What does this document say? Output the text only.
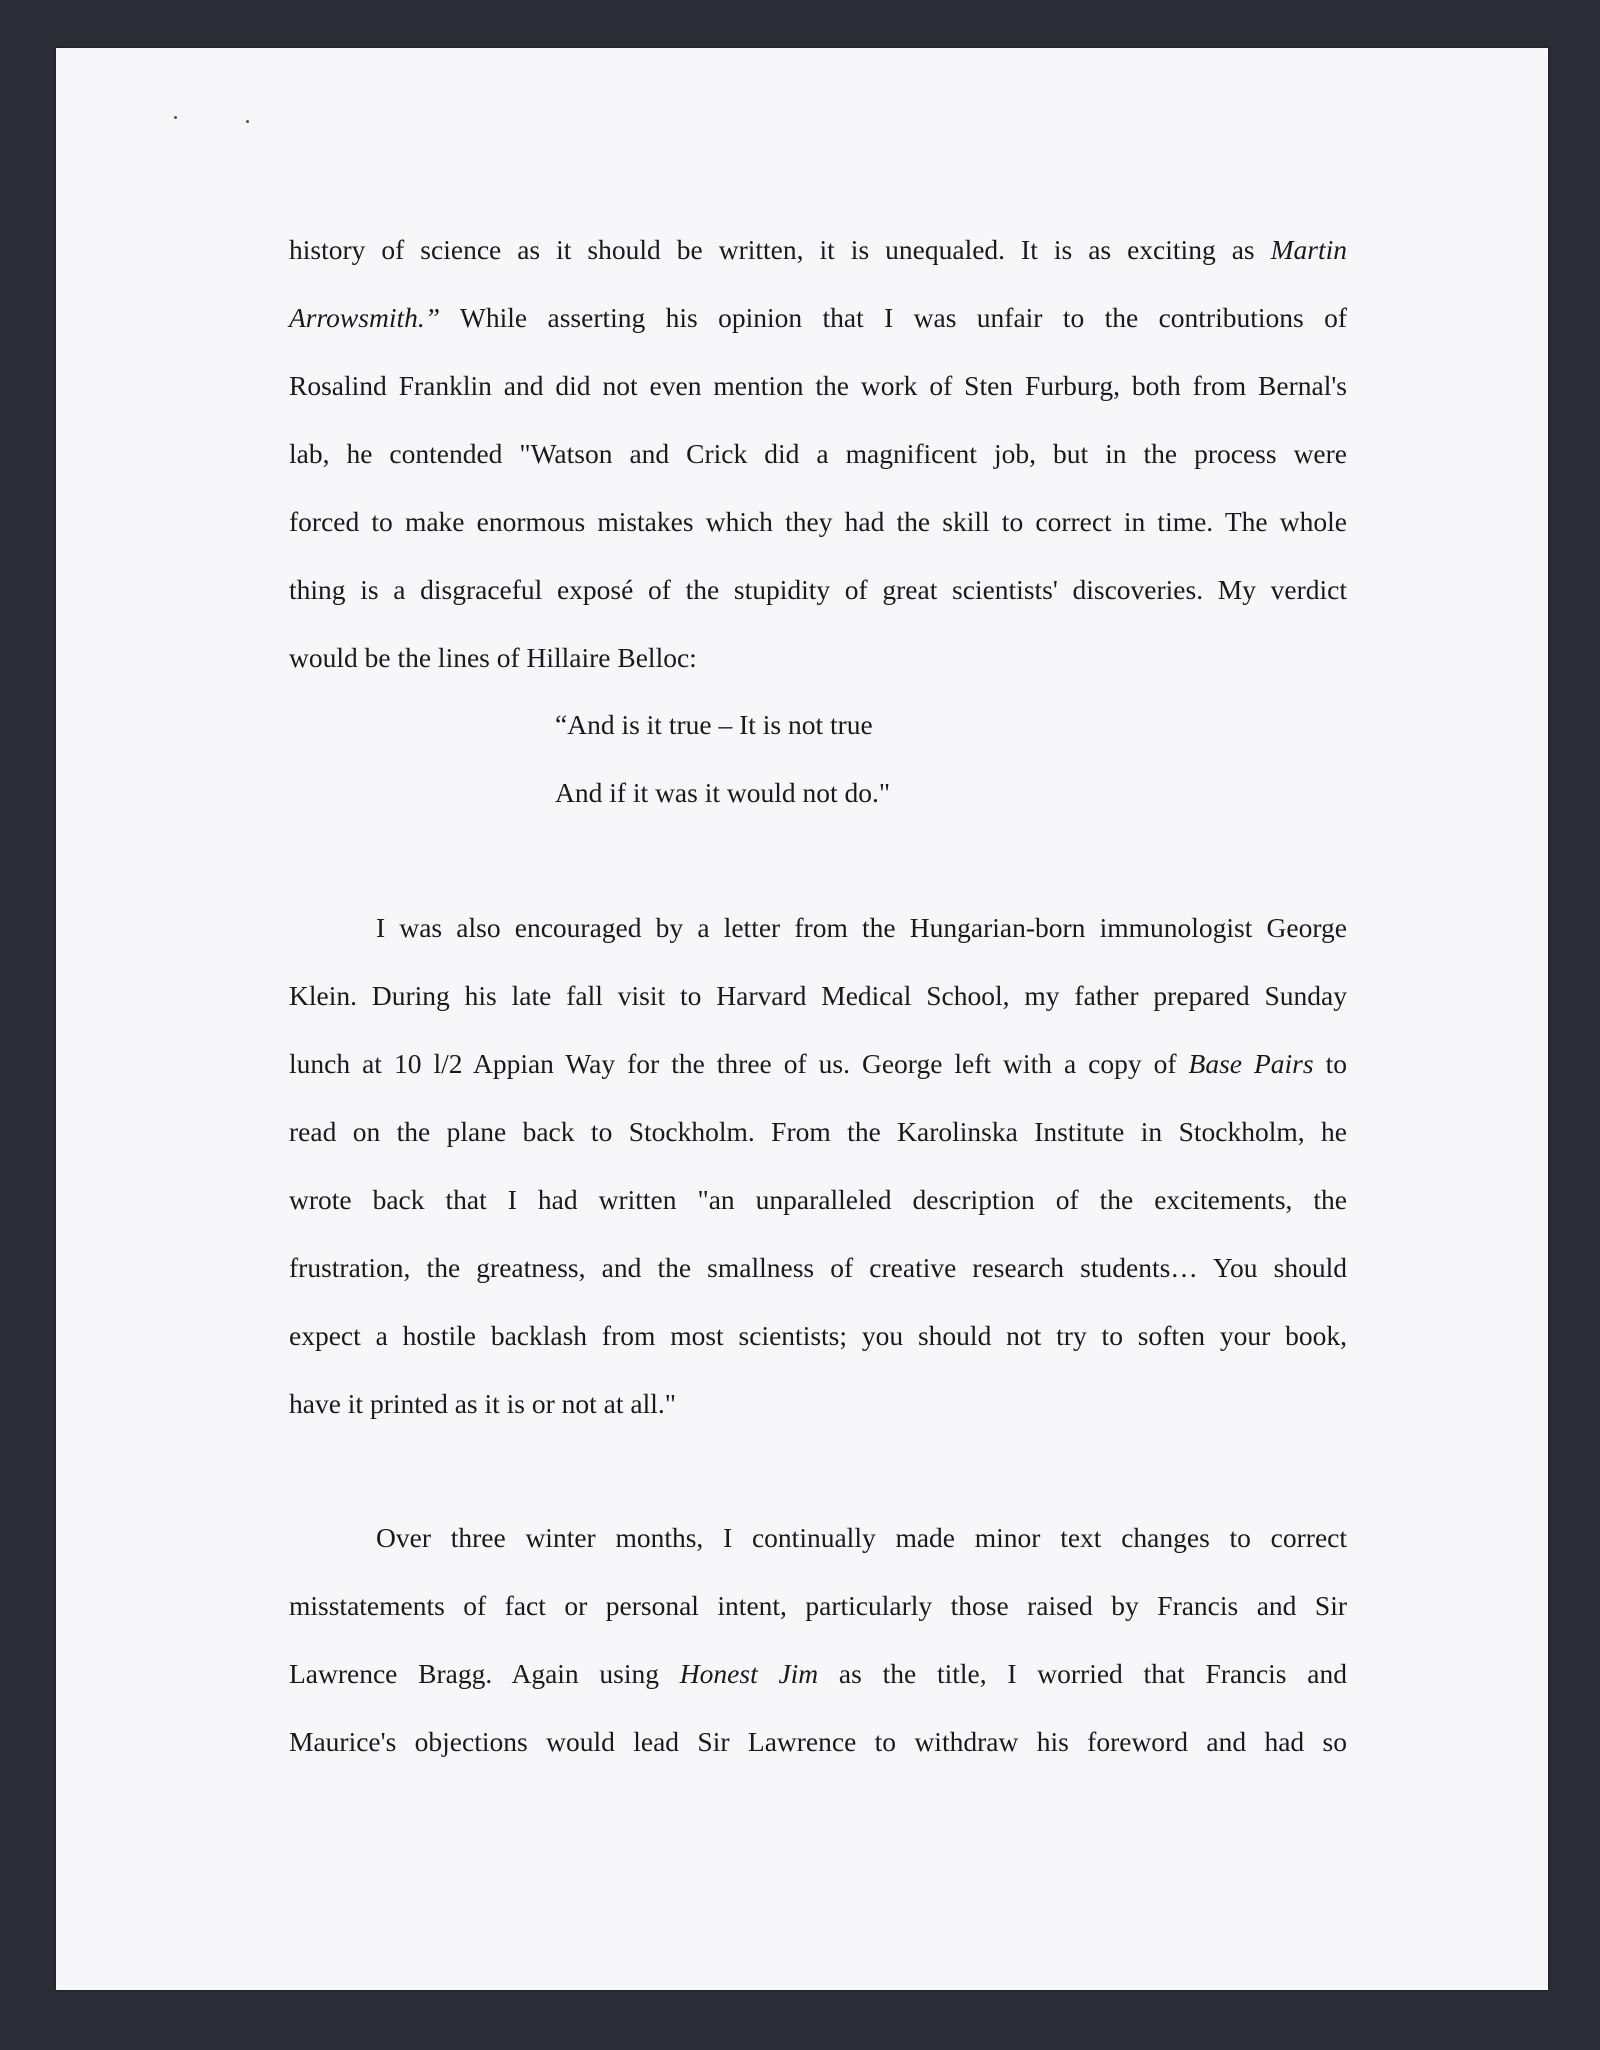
history of science as it should be written, it is unequaled. It is as exciting as Martin
Arrowsmith.” While asserting his opinion that I was unfair to the contributions of
Rosalind Franklin and did not even mention the work of Sten Furburg, both from Bernal's
lab, he contended "Watson and Crick did a magnificent job, but in the process were
forced to make enormous mistakes which they had the skill to correct in time. The whole
thing is a disgraceful exposé of the stupidity of great scientists' discoveries. My verdict
would be the lines of Hillaire Belloc:
“And is it true – It is not true
And if it was it would not do."
I was also encouraged by a letter from the Hungarian-born immunologist George
Klein. During his late fall visit to Harvard Medical School, my father prepared Sunday
lunch at 10 l/2 Appian Way for the three of us. George left with a copy of Base Pairs to
read on the plane back to Stockholm. From the Karolinska Institute in Stockholm, he
wrote back that I had written "an unparalleled description of the excitements, the
frustration, the greatness, and the smallness of creative research students… You should
expect a hostile backlash from most scientists; you should not try to soften your book,
have it printed as it is or not at all."
Over three winter months, I continually made minor text changes to correct
misstatements of fact or personal intent, particularly those raised by Francis and Sir
Lawrence Bragg. Again using Honest Jim as the title, I worried that Francis and
Maurice's objections would lead Sir Lawrence to withdraw his foreword and had so
